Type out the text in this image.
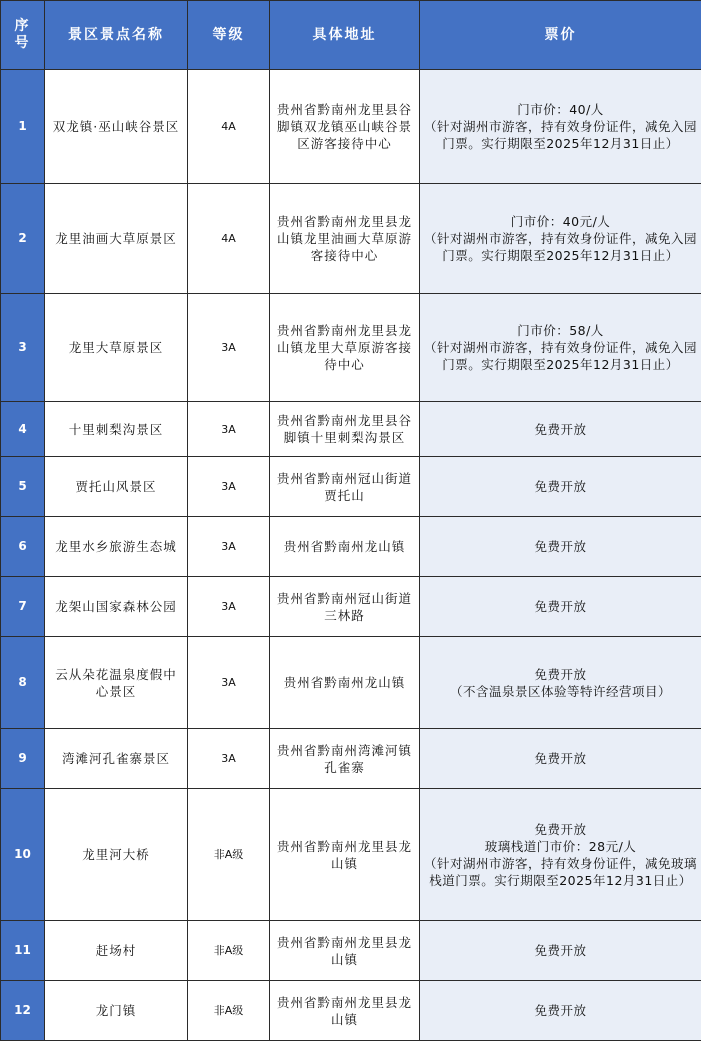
序号	景区景点名称	等级	具体地址	票价
1	双龙镇·巫山峡谷景区	4A	贵州省黔南州龙里县谷脚镇双龙镇巫山峡谷景区游客接待中心	门市价：40/人
（针对湖州市游客，持有效身份证件，减免入园门票。实行期限至2025年12月31日止）

2	龙里油画大草原景区	4A	贵州省黔南州龙里县龙山镇龙里油画大草原游客接待中心	门市价：40元/人
（针对湖州市游客，持有效身份证件，减免入园门票。实行期限至2025年12月31日止）

3	龙里大草原景区	3A	贵州省黔南州龙里县龙山镇龙里大草原游客接待中心	门市价：58/人
（针对湖州市游客，持有效身份证件，减免入园门票。实行期限至2025年12月31日止）

4	十里刺梨沟景区	3A	贵州省黔南州龙里县谷脚镇十里刺梨沟景区	免费开放

5	贾托山风景区	3A	贵州省黔南州冠山街道贾托山	免费开放

6	龙里水乡旅游生态城	3A	贵州省黔南州龙山镇	免费开放

7	龙架山国家森林公园	3A	贵州省黔南州冠山街道三林路	免费开放

8	云从朵花温泉度假中心景区	3A	贵州省黔南州龙山镇	免费开放
（不含温泉景区体验等特许经营项目）

9	湾滩河孔雀寨景区	3A	贵州省黔南州湾滩河镇孔雀寨	免费开放

10	龙里河大桥	非A级	贵州省黔南州龙里县龙山镇	免费开放
玻璃栈道门市价：28元/人
（针对湖州市游客，持有效身份证件，减免玻璃栈道门票。实行期限至2025年12月31日止）

11	赶场村	非A级	贵州省黔南州龙里县龙山镇	免费开放

12	龙门镇	非A级	贵州省黔南州龙里县龙山镇	免费开放
